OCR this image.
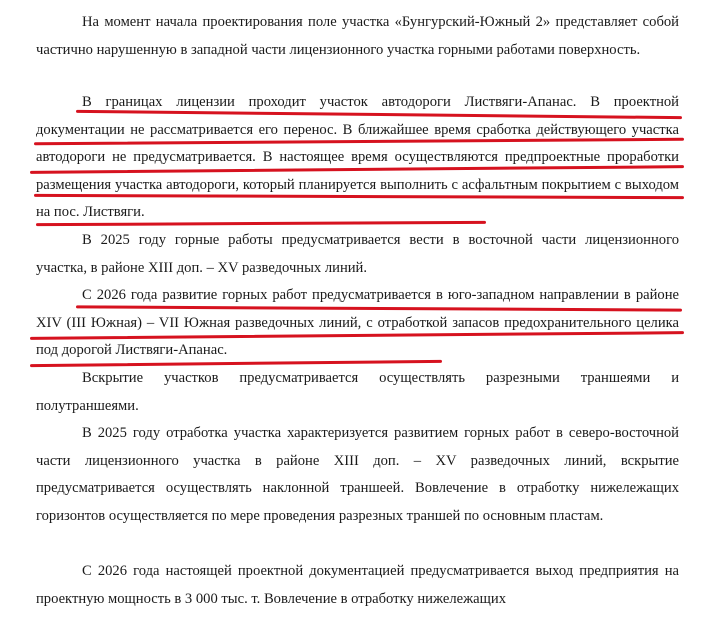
На момент начала проектирования поле участка «Бунгурский-Южный 2» представляет собой частично нарушенную в западной части лицензионного участка горными работами поверхность.

В границах лицензии проходит участок автодороги Листвяги-Апанас. В проектной документации не рассматривается его перенос. В ближайшее время сработка действующего участка автодороги не предусматривается. В настоящее время осуществляются предпроектные проработки размещения участка автодороги, который планируется выполнить с асфальтным покрытием с выходом на пос. Листвяги.

В 2025 году горные работы предусматривается вести в восточной части лицензионного участка, в районе XIII доп. – XV разведочных линий.

С 2026 года развитие горных работ предусматривается в юго-западном направлении в районе XIV (III Южная) – VII Южная разведочных линий, с отработкой запасов предохранительного целика под дорогой Листвяги-Апанас.

Вскрытие участков предусматривается осуществлять разрезными траншеями и полутраншеями.

В 2025 году отработка участка характеризуется развитием горных работ в северо-восточной части лицензионного участка в районе XIII доп. – XV разведочных линий, вскрытие предусматривается осуществлять наклонной траншеей. Вовлечение в отработку нижележащих горизонтов осуществляется по мере проведения разрезных траншей по основным пластам.

С 2026 года настоящей проектной документацией предусматривается выход предприятия на проектную мощность в 3 000 тыс. т. Вовлечение в отработку нижележащих
